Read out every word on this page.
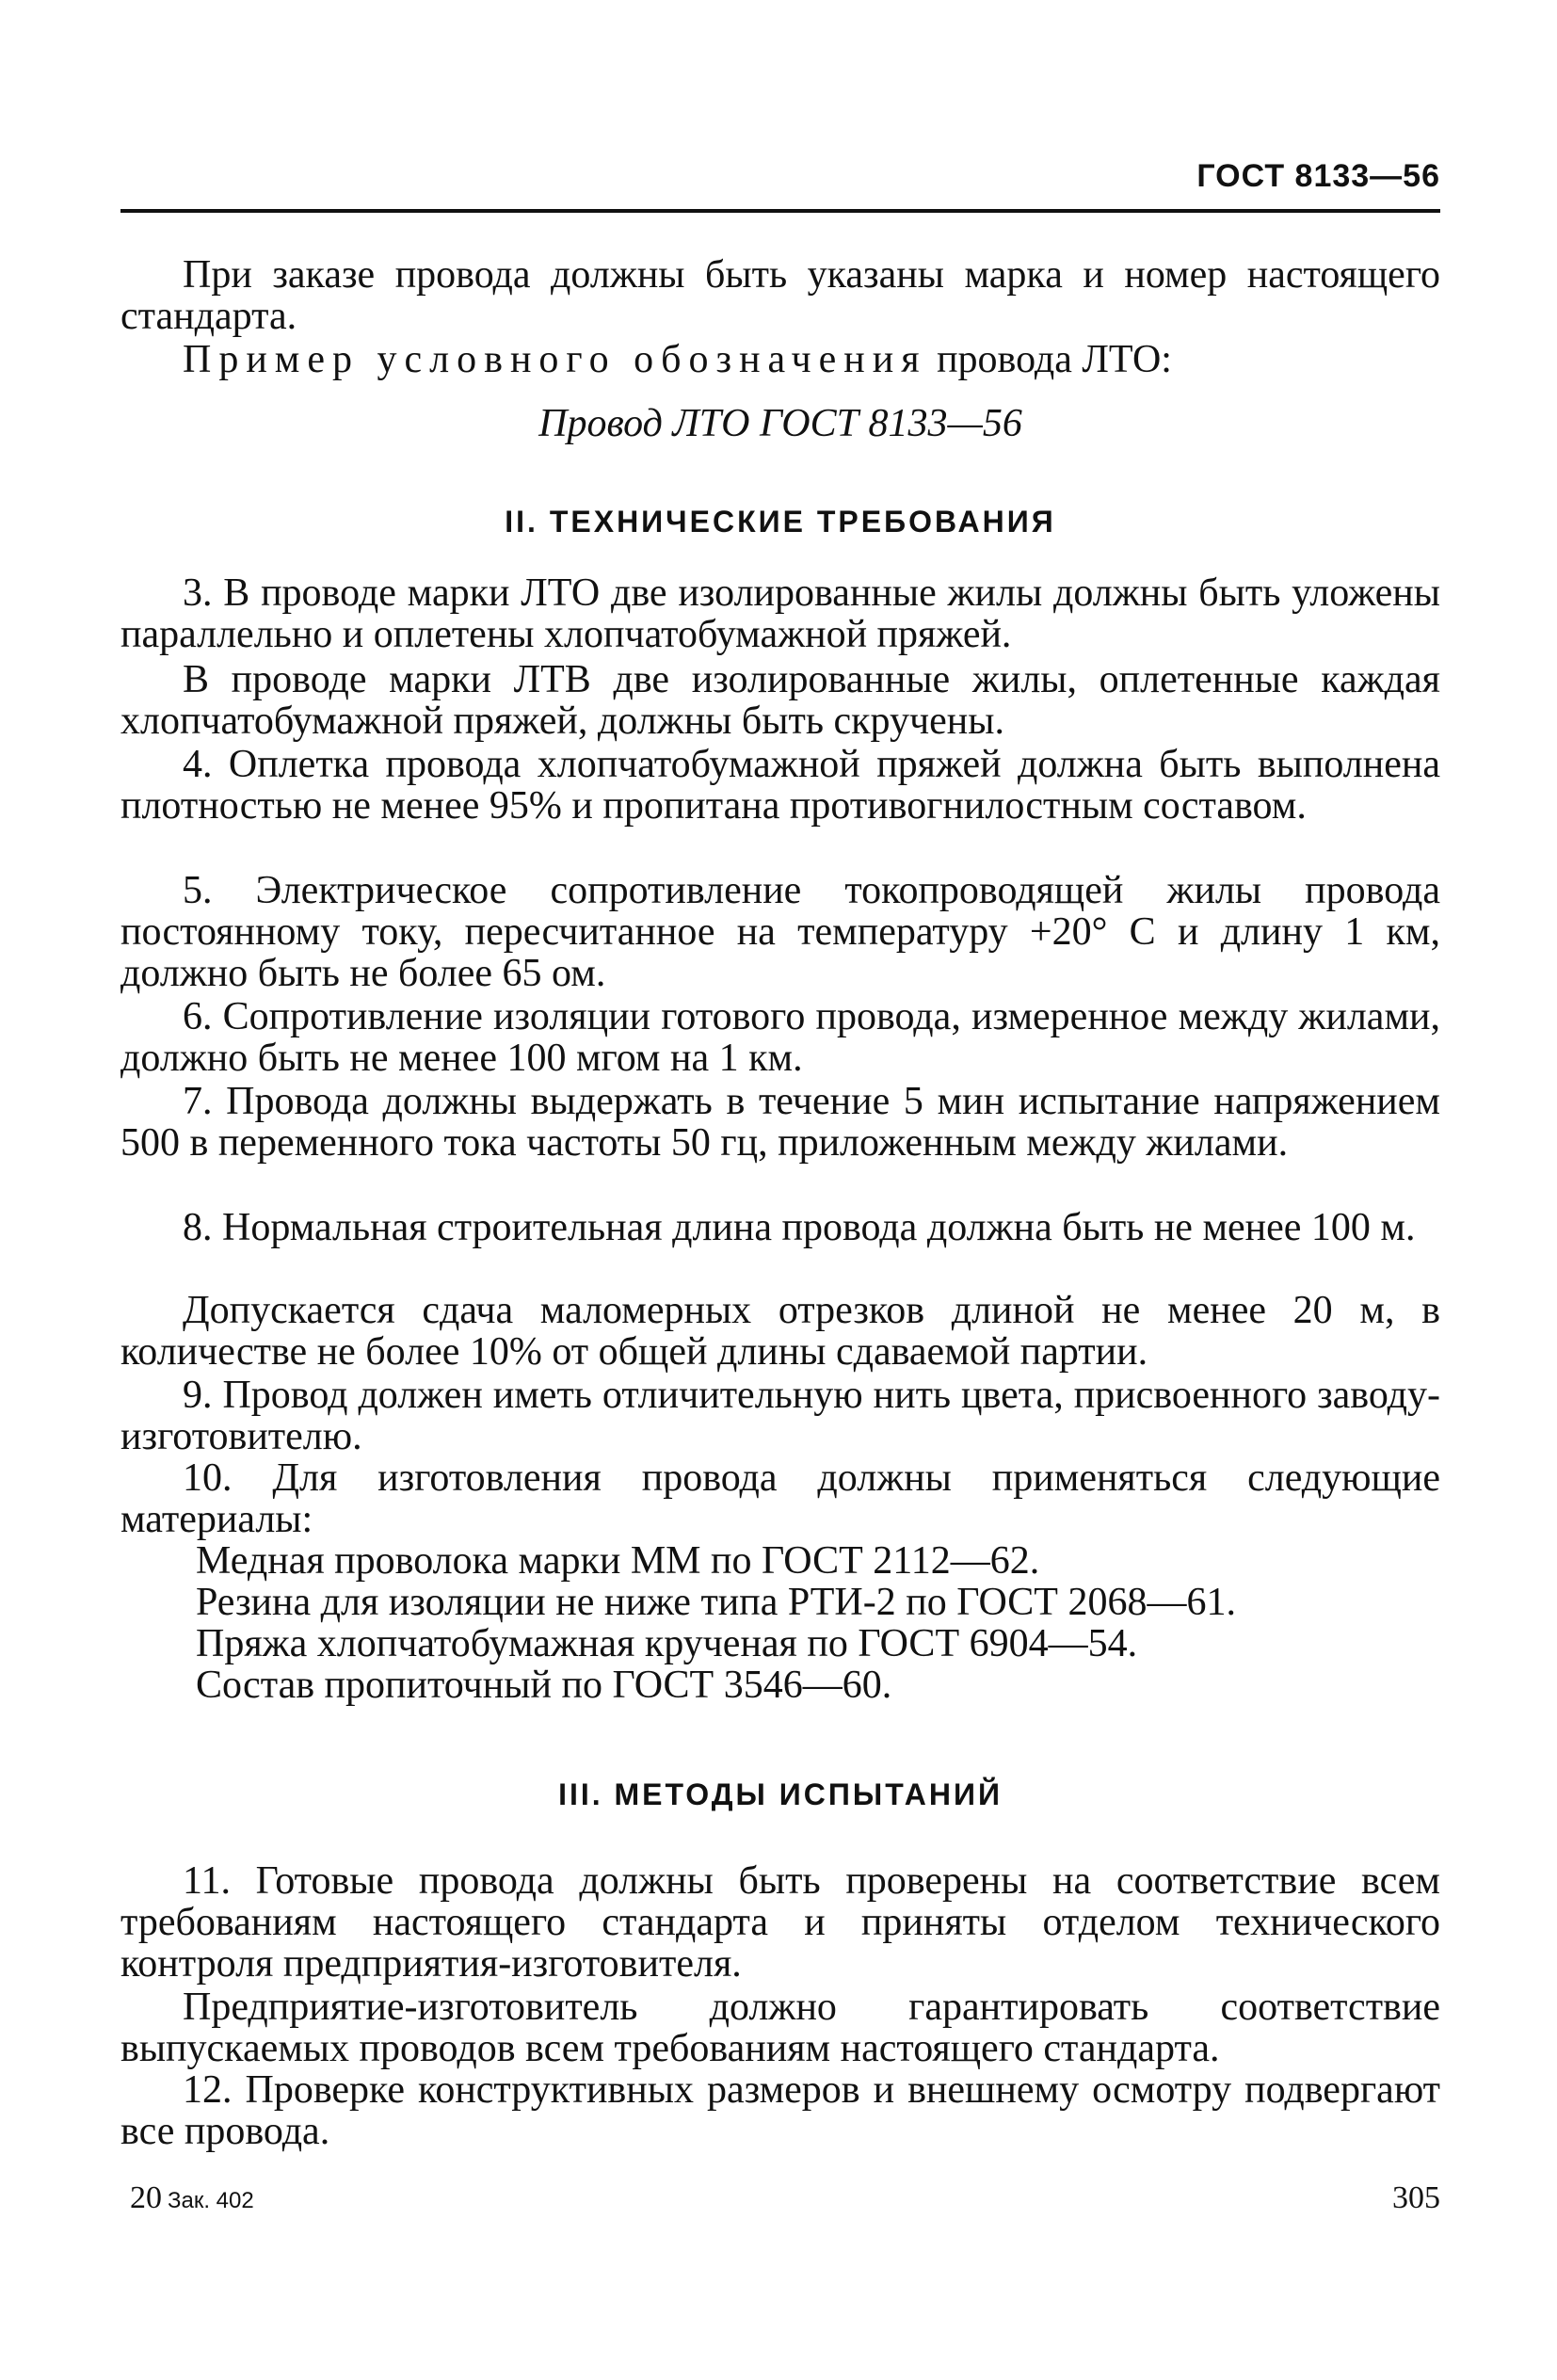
ГОСТ 8133—56
При заказе провода должны быть указаны марка и номер настоящего стандарта.
Пример условного обозначения провода ЛТО:
Провод ЛТО ГОСТ 8133—56
II. ТЕХНИЧЕСКИЕ ТРЕБОВАНИЯ
3. В проводе марки ЛТО две изолированные жилы должны быть уложены параллельно и оплетены хлопчатобумажной пряжей.
В проводе марки ЛТВ две изолированные жилы, оплетенные каждая хлопчатобумажной пряжей, должны быть скручены.
4. Оплетка провода хлопчатобумажной пряжей должна быть выполнена плотностью не менее 95% и пропитана противогнилостным составом.
5. Электрическое сопротивление токопроводящей жилы провода постоянному току, пересчитанное на температуру +20° С и длину 1 км, должно быть не более 65 ом.
6. Сопротивление изоляции готового провода, измеренное между жилами, должно быть не менее 100 мгом на 1 км.
7. Провода должны выдержать в течение 5 мин испытание напряжением 500 в переменного тока частоты 50 гц, приложенным между жилами.
8. Нормальная строительная длина провода должна быть не менее 100 м.
Допускается сдача маломерных отрезков длиной не менее 20 м, в количестве не более 10% от общей длины сдаваемой партии.
9. Провод должен иметь отличительную нить цвета, присвоенного заводу-изготовителю.
10. Для изготовления провода должны применяться следующие материалы:
Медная проволока марки ММ по ГОСТ 2112—62.
Резина для изоляции не ниже типа РТИ-2 по ГОСТ 2068—61.
Пряжа хлопчатобумажная крученая по ГОСТ 6904—54.
Состав пропиточный по ГОСТ 3546—60.
III. МЕТОДЫ ИСПЫТАНИЙ
11. Готовые провода должны быть проверены на соответствие всем требованиям настоящего стандарта и приняты отделом технического контроля предприятия-изготовителя.
Предприятие-изготовитель должно гарантировать соответствие выпускаемых проводов всем требованиям настоящего стандарта.
12. Проверке конструктивных размеров и внешнему осмотру подвергают все провода.
20 Зак. 402	305
